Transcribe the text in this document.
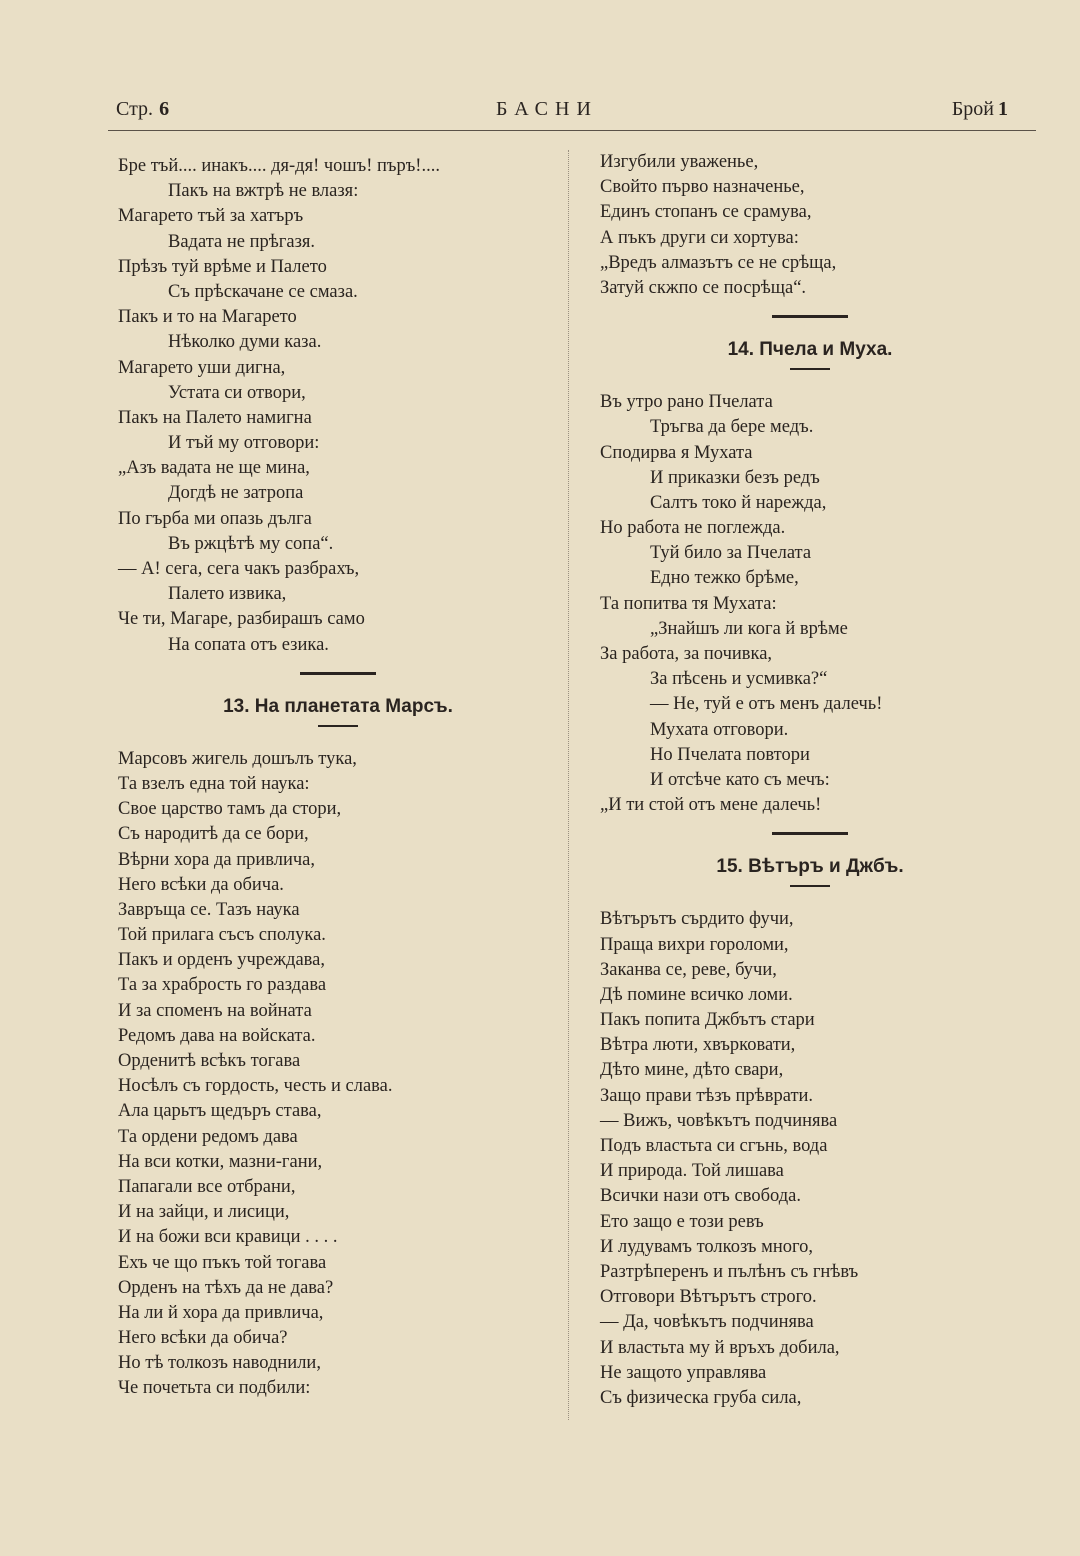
Стр. 6	БАСНИ	Брой 1
Бре тъй.... инакъ.... дя-дя! чошъ! пъръ!....
Пакъ на вжтрѣ не влазя:
Магарето тъй за хатъръ
Вадата не прѣгазя.
Прѣзъ туй врѣме и Палето
Съ прѣскачане се смаза.
Пакъ и то на Магарето
Нѣколко думи каза.
Магарето уши дигна,
Устата си отвори,
Пакъ на Палето намигна
И тъй му отговори:
„Азъ вадата не ще мина,
Догдѣ не затропа
По гърба ми опазь дълга
Въ ржцѣтѣ му сопа“.
— А! сега, сега чакъ разбрахъ,
Палето извика,
Че ти, Магаре, разбирашъ само
На сопата отъ езика.
13. На планетата Марсъ.
Марсовъ жигель дошълъ тука,
Та взелъ една той наука:
Свое царство тамъ да стори,
Съ народитѣ да се бори,
Вѣрни хора да привлича,
Него всѣки да обича.
Завръща се. Тазъ наука
Той прилага съсъ сполука.
Пакъ и орденъ учреждава,
Та за храбрость го раздава
И за споменъ на войната
Редомъ дава на войската.
Орденитѣ всѣкъ тогава
Носѣлъ съ гордость, честь и слава.
Ала царьтъ щедъръ става,
Та ордени редомъ дава
На вси котки, мазни-гани,
Папагали все отбрани,
И на зайци, и лисици,
И на божи вси кравици . . . .
Ехъ че що пъкъ той тогава
Орденъ на тѣхъ да не дава?
На ли й хора да привлича,
Него всѣки да обича?
Но тѣ толкозъ наводнили,
Че почетьта си подбили:
Изгубили уваженье,
Свойто първо назначенье,
Единъ стопанъ се срамува,
А пъкъ други си хортува:
„Вредъ алмазътъ се не срѣща,
Затуй скжпо се посрѣща“.
14. Пчела и Муха.
Въ утро рано Пчелата
Тръгва да бере медъ.
Сподирва я Мухата
И приказки безъ редъ
Салтъ токо й нарежда,
Но работа не поглежда.
Туй било за Пчелата
Едно тежко брѣме,
Та попитва тя Мухата:
„Знайшъ ли кога й врѣме
За работа, за почивка,
За пѣсень и усмивка?“
— Не, туй е отъ менъ далечь!
Мухата отговори.
Но Пчелата повтори
И отсѣче като съ мечъ:
„И ти стой отъ мене далечь!
15. Вѣтъръ и Джбъ.
Вѣтърътъ сърдито фучи,
Праща вихри гороломи,
Заканва се, реве, бучи,
Дѣ помине всичко ломи.
Пакъ попита Джбътъ стари
Вѣтра люти, хвърковати,
Дѣто мине, дѣто свари,
Защо прави тѣзъ прѣврати.
— Вижъ, човѣкътъ подчинява
Подъ властьта си сгънь, вода
И природа. Той лишава
Всички нази отъ свобода.
Ето защо е този ревъ
И лудувамъ толкозъ много,
Разтрѣперенъ и пълѣнъ съ гнѣвъ
Отговори Вѣтърътъ строго.
— Да, човѣкътъ подчинява
И властьта му й връхъ добила,
Не защото управлява
Съ физическа груба сила,
